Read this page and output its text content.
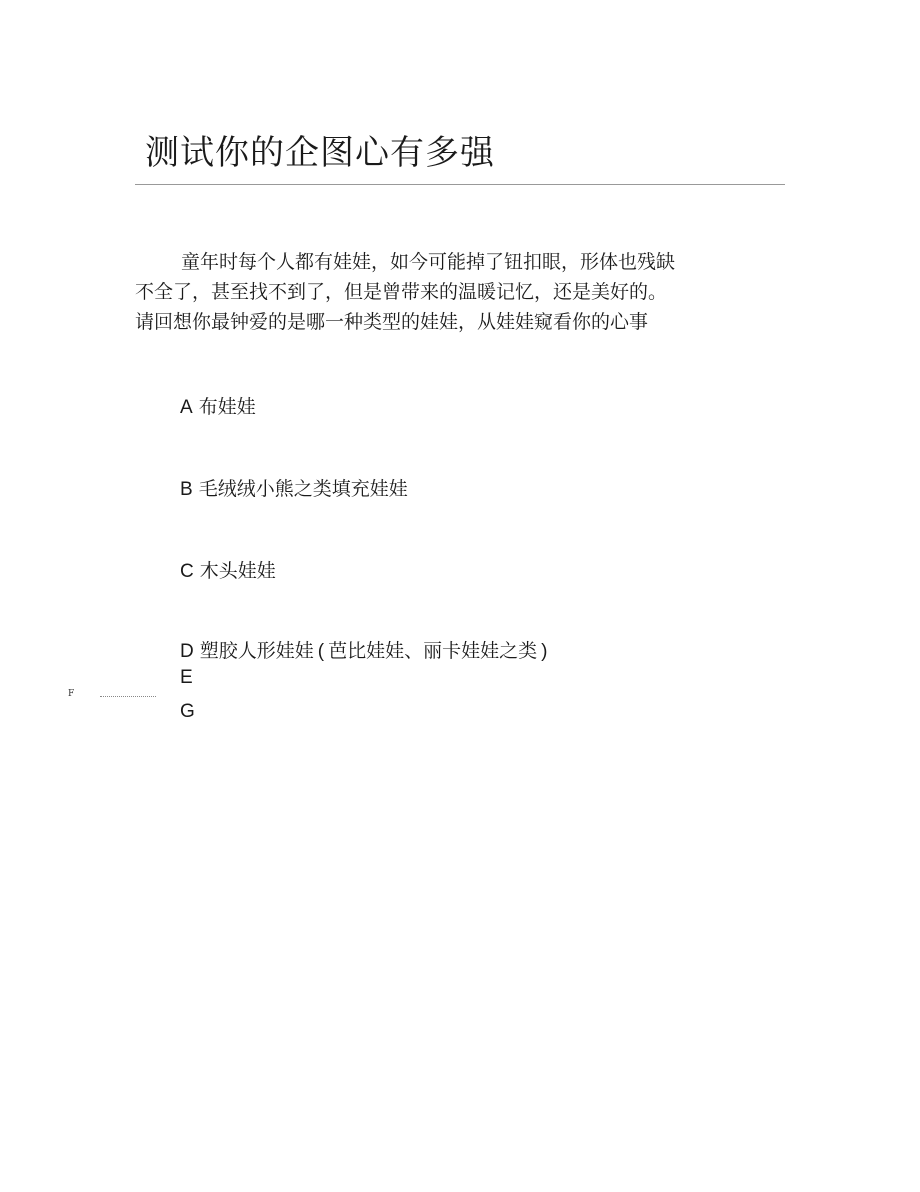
测试你的企图心有多强
童年时每个人都有娃娃，如今可能掉了钮扣眼，形体也残缺
不全了，甚至找不到了，但是曾带来的温暖记忆，还是美好的。
请回想你最钟爱的是哪一种类型的娃娃，从娃娃窥看你的心事
A 布娃娃
B 毛绒绒小熊之类填充娃娃
C 木头娃娃
D 塑胶人形娃娃 ( 芭比娃娃、丽卡娃娃之类 )
E
F
G
